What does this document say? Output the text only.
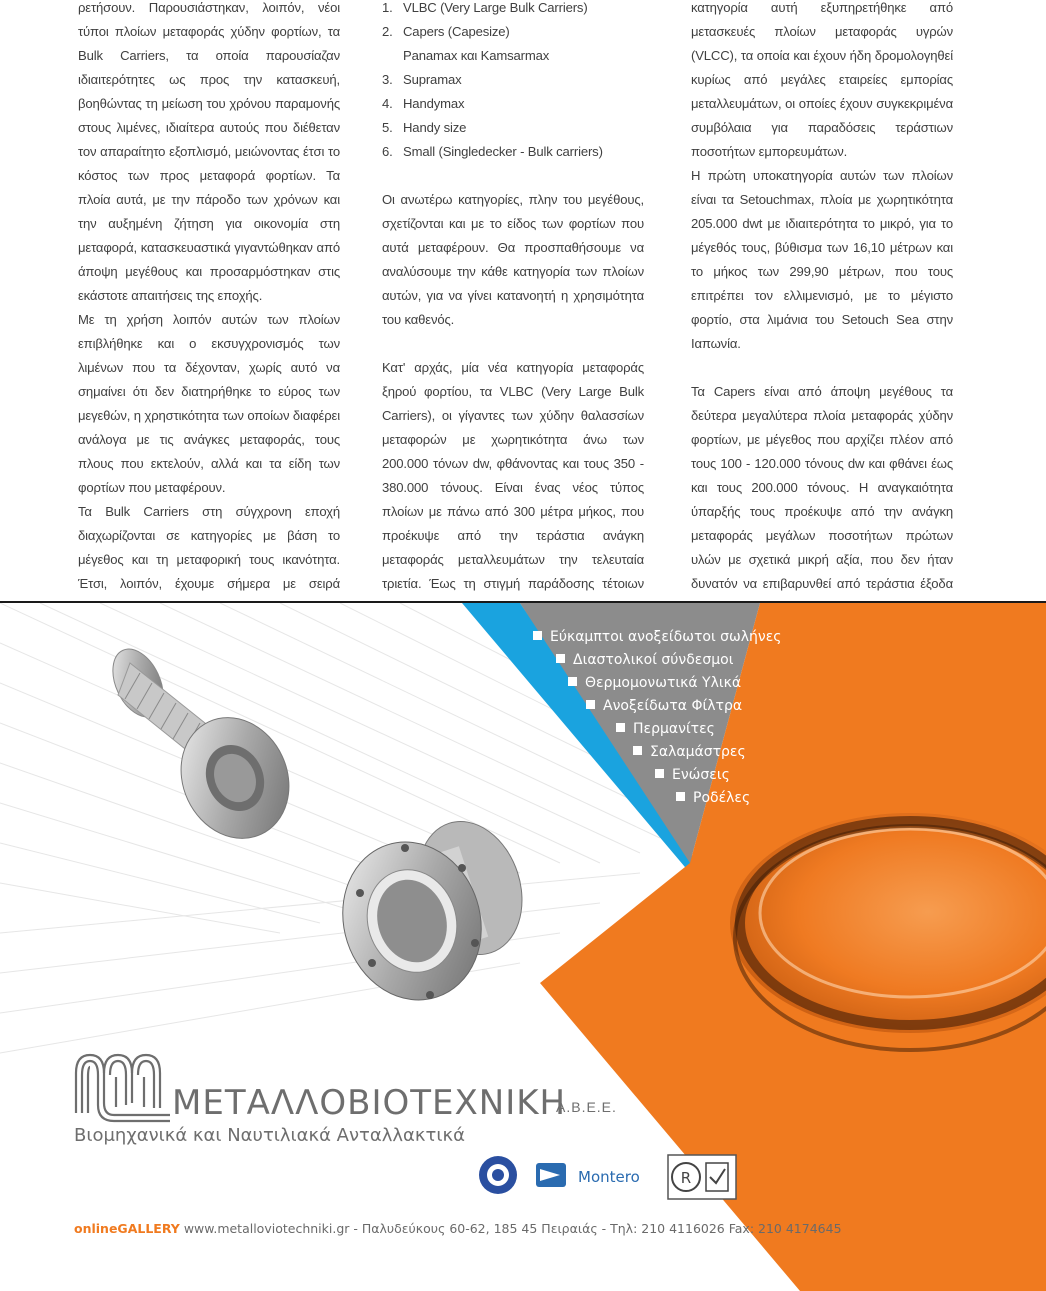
ρετήσουν. Παρουσιάστηκαν, λοιπόν, νέοι τύποι πλοίων μεταφοράς χύδην φορτίων, τα Bulk Carriers, τα οποία παρουσίαζαν ιδιαιτερότητες ως προς την κατασκευή, βοηθώντας τη μείωση του χρόνου παραμονής στους λιμένες, ιδιαίτερα αυτούς που διέθεταν τον απαραίτητο εξοπλισμό, μειώνοντας έτσι το κόστος των προς μεταφορά φορτίων. Τα πλοία αυτά, με την πάροδο των χρόνων και την αυξημένη ζήτηση για οικονομία στη μεταφορά, κατασκευαστικά γιγαντώθηκαν από άποψη μεγέθους και προσαρμόστηκαν στις εκάστοτε απαιτήσεις της εποχής.

Με τη χρήση λοιπόν αυτών των πλοίων επιβλήθηκε και ο εκσυγχρονισμός των λιμένων που τα δέχονταν, χωρίς αυτό να σημαίνει ότι δεν διατηρήθηκε το εύρος των μεγεθών, η χρηστικότητα των οποίων διαφέρει ανάλογα με τις ανάγκες μεταφοράς, τους πλους που εκτελούν, αλλά και τα είδη των φορτίων που μεταφέρουν.

Τα Bulk Carriers στη σύγχρονη εποχή διαχωρίζονται σε κατηγορίες με βάση το μέγεθος και τη μεταφορική τους ικανότητα. Έτσι, λοιπόν, έχουμε σήμερα με σειρά

1. VLBC (Very Large Bulk Carriers)
2. Capers (Capesize)
Panamax και Kamsarmax
3. Supramax
4. Handymax
5. Handy size
6. Small (Singledecker - Bulk carriers)

Οι ανωτέρω κατηγορίες, πλην του μεγέθους, σχετίζονται και με το είδος των φορτίων που αυτά μεταφέρουν. Θα προσπαθήσουμε να αναλύσουμε την κάθε κατηγορία των πλοίων αυτών, για να γίνει κατανοητή η χρησιμότητα του καθενός.

Κατ' αρχάς, μία νέα κατηγορία μεταφοράς ξηρού φορτίου, τα VLBC (Very Large Bulk Carriers), οι γίγαντες των χύδην θαλασσίων μεταφορών με χωρητικότητα άνω των 200.000 τόνων dw, φθάνοντας και τους 350 - 380.000 τόνους. Είναι ένας νέος τύπος πλοίων με πάνω από 300 μέτρα μήκος, που προέκυψε από την τεράστια ανάγκη μεταφοράς μεταλλευμάτων την τελευταία τριετία. Έως τη στιγμή παράδοσης τέτοιων

κατηγορία αυτή εξυπηρετήθηκε από μετασκευές πλοίων μεταφοράς υγρών (VLCC), τα οποία και έχουν ήδη δρομολογηθεί κυρίως από μεγάλες εταιρείες εμπορίας μεταλλευμάτων, οι οποίες έχουν συγκεκριμένα συμβόλαια για παραδόσεις τεράστιων ποσοτήτων εμπορευμάτων.

Η πρώτη υποκατηγορία αυτών των πλοίων είναι τα Setouchmax, πλοία με χωρητικότητα 205.000 dwt με ιδιαιτερότητα το μικρό, για το μέγεθός τους, βύθισμα των 16,10 μέτρων και το μήκος των 299,90 μέτρων, που τους επιτρέπει τον ελλιμενισμό, με το μέγιστο φορτίο, στα λιμάνια του Setouch Sea στην Ιαπωνία.

Τα Capers είναι από άποψη μεγέθους τα δεύτερα μεγαλύτερα πλοία μεταφοράς χύδην φορτίων, με μέγεθος που αρχίζει πλέον από τους 100 - 120.000 τόνους dw και φθάνει έως και τους 200.000 τόνους. Η αναγκαιότητα ύπαρξής τους προέκυψε από την ανάγκη μεταφοράς μεγάλων ποσοτήτων πρώτων υλών με σχετικά μικρή αξία, που δεν ήταν δυνατόν να επιβαρυνθεί από τεράστια έξοδα

R
Εύκαμπτοι ανοξείδωτοι σωλήνες
Διαστολικοί σύνδεσμοι
Θερμομονωτικά Υλικά
Ανοξείδωτα Φίλτρα
Περμανίτες
Σαλαμάστρες
Ενώσεις
Ροδέλες
ΜΕΤΑΛΛΟΒΙΟΤΕΧΝΙΚΗ
Α.Β.Ε.Ε.
Βιομηχανικά και Ναυτιλιακά Ανταλλακτικά
Montero
onlineGALLERY www.metalloviotechniki.gr - Παλυδεύκους 60-62, 185 45 Πειραιάς - Τηλ: 210 4116026 Fax: 210 4174645
